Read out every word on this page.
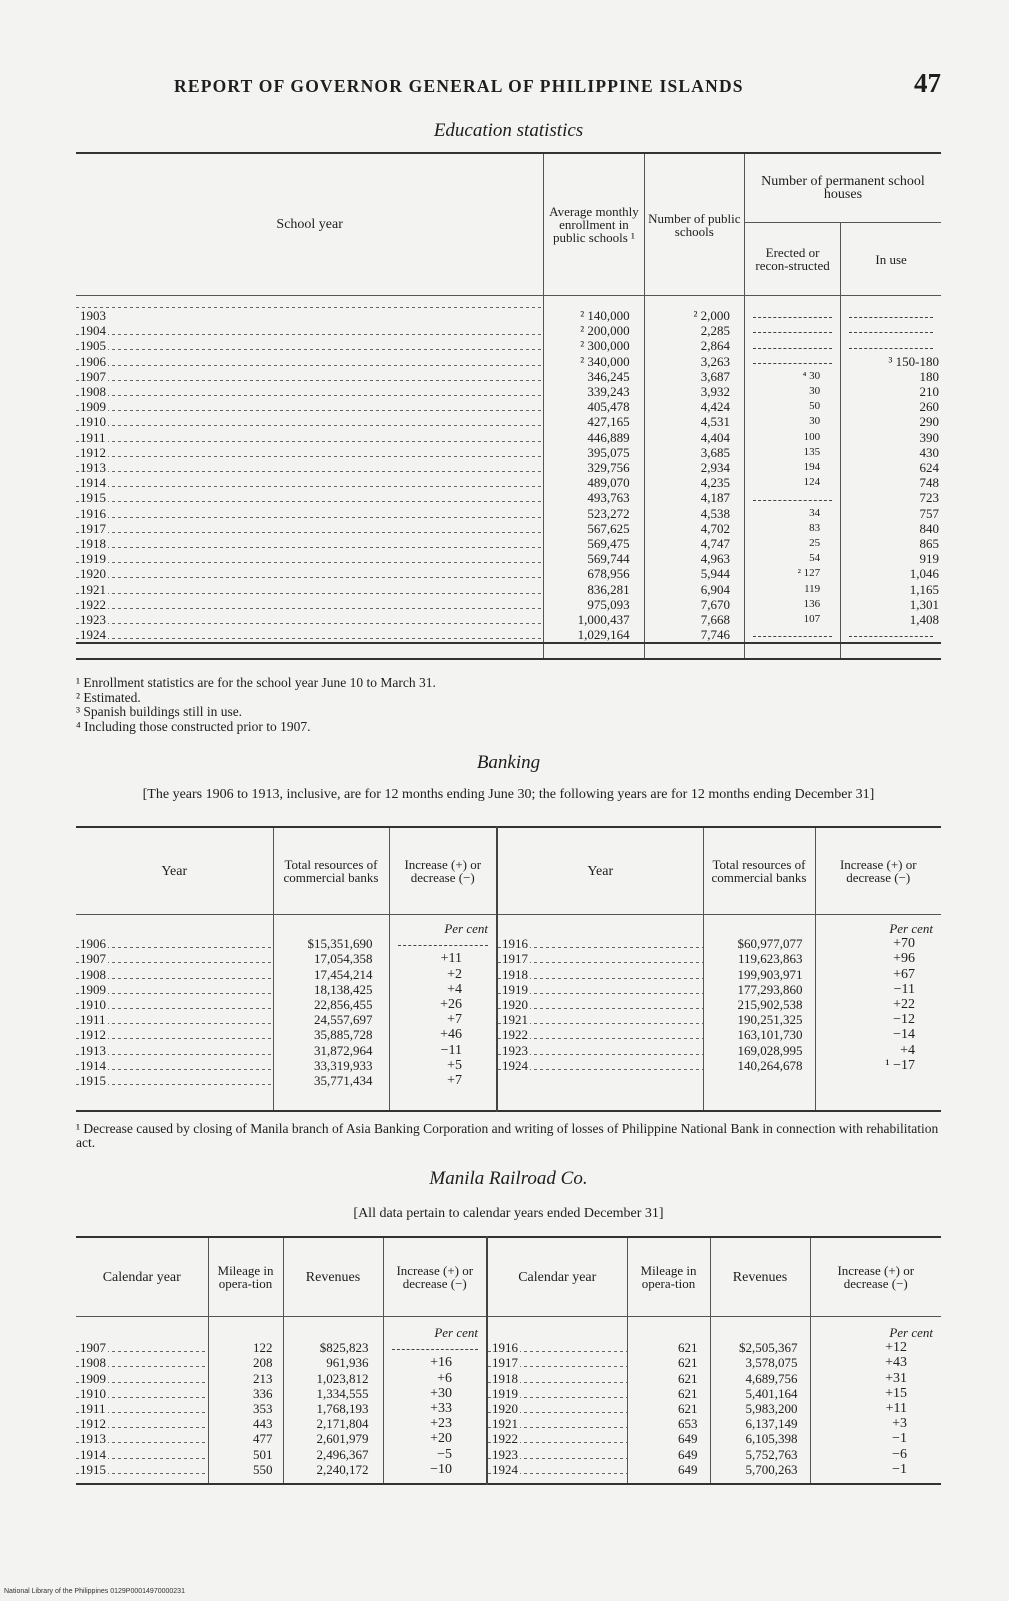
REPORT OF GOVERNOR GENERAL OF PHILIPPINE ISLANDS	47
Education statistics
School year	Average monthly enrollment in public schools ¹	Number of public schools	Number of permanent school houses	
			Erected or recon-structed	In use
1903	² 140,000	² 2,000	

1904	² 200,000	2,285	

1905	² 300,000	2,864	

1906	² 340,000	3,263		³ 150-180
1907	346,245	3,687	⁴ 30	180
1908	339,243	3,932	30	210
1909	405,478	4,424	50	260
1910	427,165	4,531	30	290
1911	446,889	4,404	100	390
1912	395,075	3,685	135	430
1913	329,756	2,934	194	624
1914	489,070	4,235	124	748
1915	493,763	4,187		723
1916	523,272	4,538	34	757
1917	567,625	4,702	83	840
1918	569,475	4,747	25	865
1919	569,744	4,963	54	919
1920	678,956	5,944	² 127	1,046
1921	836,281	6,904	119	1,165
1922	975,093	7,670	136	1,301
1923	1,000,437	7,668	107	1,408
1924	1,029,164	7,746	

¹ Enrollment statistics are for the school year June 10 to March 31.
² Estimated.
³ Spanish buildings still in use.
⁴ Including those constructed prior to 1907.
Banking
[The years 1906 to 1913, inclusive, are for 12 months ending June 30; the following years are for 12 months ending December 31]
Year	Total resources of commercial banks	Increase (+) or decrease (−)	Year	Total resources of commercial banks	Increase (+) or decrease (−)
		Per cent			Per cent
1906	$15,351,690		1916	$60,977,077	+70
1907	17,054,358	+11	1917	119,623,863	+96
1908	17,454,214	+2	1918	199,903,971	+67
1909	18,138,425	+4	1919	177,293,860	−11
1910	22,856,455	+26	1920	215,902,538	+22
1911	24,557,697	+7	1921	190,251,325	−12
1912	35,885,728	+46	1922	163,101,730	−14
1913	31,872,964	−11	1923	169,028,995	+4
1914	33,319,933	+5	1924	140,264,678	¹ −17
1915	35,771,434	+7			

¹ Decrease caused by closing of Manila branch of Asia Banking Corporation and writing of losses of Philippine National Bank in connection with rehabilitation act.
Manila Railroad Co.
[All data pertain to calendar years ended December 31]
Calendar year	Mileage in opera-tion	Revenues	Increase (+) or decrease (−)	Calendar year	Mileage in opera-tion	Revenues	Increase (+) or decrease (−)
			Per cent				Per cent
1907	122	$825,823		1916	621	$2,505,367	+12
1908	208	961,936	+16	1917	621	3,578,075	+43
1909	213	1,023,812	+6	1918	621	4,689,756	+31
1910	336	1,334,555	+30	1919	621	5,401,164	+15
1911	353	1,768,193	+33	1920	621	5,983,200	+11
1912	443	2,171,804	+23	1921	653	6,137,149	+3
1913	477	2,601,979	+20	1922	649	6,105,398	−1
1914	501	2,496,367	−5	1923	649	5,752,763	−6
1915	550	2,240,172	−10	1924	649	5,700,263	−1

National Library of the Philippines 0129P00014970000231
